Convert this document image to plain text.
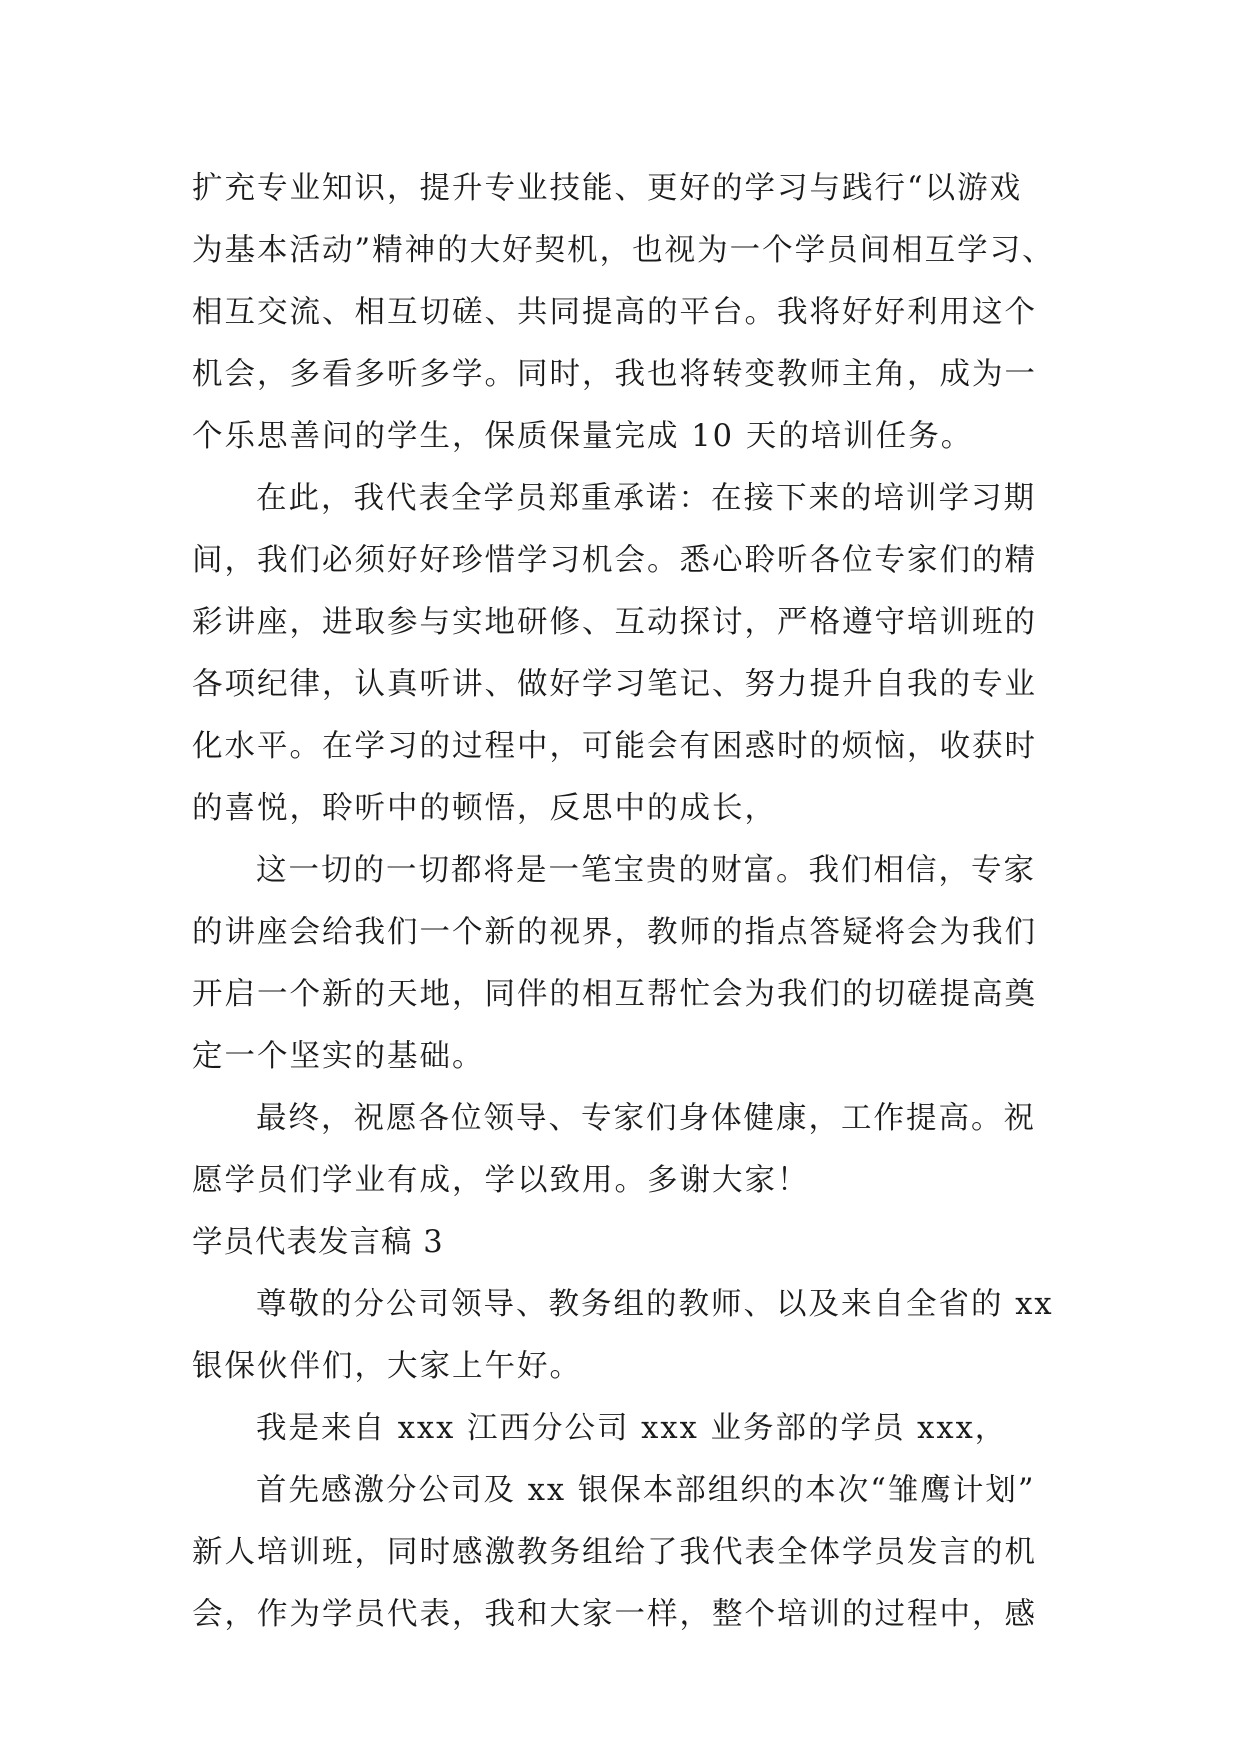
扩充专业知识，提升专业技能、更好的学习与践行“以游戏
为基本活动”精神的大好契机，也视为一个学员间相互学习、
相互交流、相互切磋、共同提高的平台。我将好好利用这个
机会，多看多听多学。同时，我也将转变教师主角，成为一
个乐思善问的学生，保质保量完成 10 天的培训任务。
在此，我代表全学员郑重承诺：在接下来的培训学习期
间，我们必须好好珍惜学习机会。悉心聆听各位专家们的精
彩讲座，进取参与实地研修、互动探讨，严格遵守培训班的
各项纪律，认真听讲、做好学习笔记、努力提升自我的专业
化水平。在学习的过程中，可能会有困惑时的烦恼，收获时
的喜悦，聆听中的顿悟，反思中的成长，
这一切的一切都将是一笔宝贵的财富。我们相信，专家
的讲座会给我们一个新的视界，教师的指点答疑将会为我们
开启一个新的天地，同伴的相互帮忙会为我们的切磋提高奠
定一个坚实的基础。
最终，祝愿各位领导、专家们身体健康，工作提高。祝
愿学员们学业有成，学以致用。多谢大家！
学员代表发言稿 3
尊敬的分公司领导、教务组的教师、以及来自全省的 xx
银保伙伴们，大家上午好。
我是来自 xxx 江西分公司 xxx 业务部的学员 xxx，
首先感激分公司及 xx 银保本部组织的本次“雏鹰计划”
新人培训班，同时感激教务组给了我代表全体学员发言的机
会，作为学员代表，我和大家一样，整个培训的过程中，感
